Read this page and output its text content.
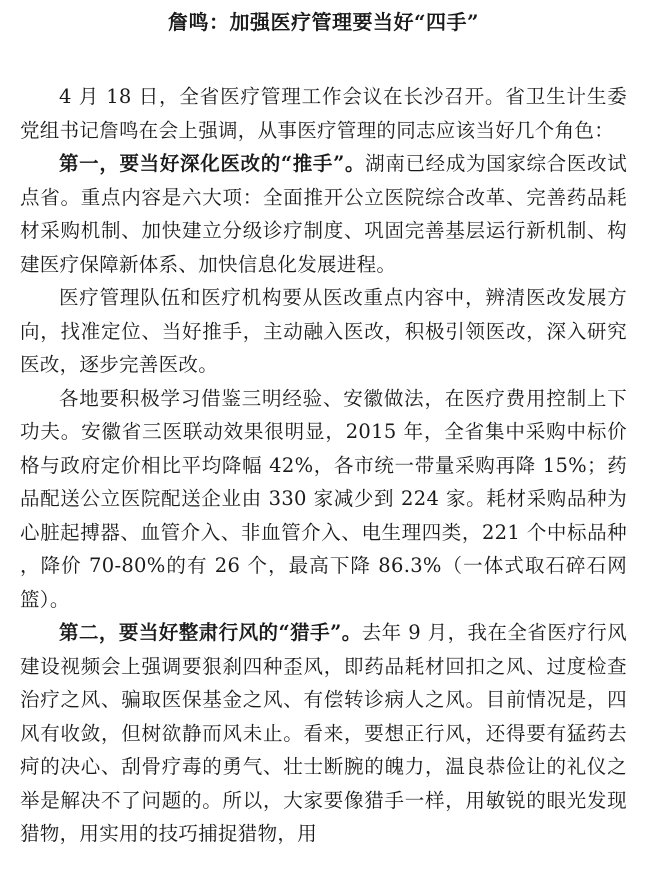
詹鸣：加强医疗管理要当好“四手”

4 月 18 日，全省医疗管理工作会议在长沙召开。省卫生计生委党组书记詹鸣在会上强调，从事医疗管理的同志应该当好几个角色：

第一，要当好深化医改的“推手”。湖南已经成为国家综合医改试点省。重点内容是六大项：全面推开公立医院综合改革、完善药品耗材采购机制、加快建立分级诊疗制度、巩固完善基层运行新机制、构建医疗保障新体系、加快信息化发展进程。

医疗管理队伍和医疗机构要从医改重点内容中，辨清医改发展方向，找准定位、当好推手，主动融入医改，积极引领医改，深入研究医改，逐步完善医改。

各地要积极学习借鉴三明经验、安徽做法，在医疗费用控制上下功夫。安徽省三医联动效果很明显，2015 年，全省集中采购中标价格与政府定价相比平均降幅 42%，各市统一带量采购再降 15%；药品配送公立医院配送企业由 330 家减少到 224 家。耗材采购品种为心脏起搏器、血管介入、非血管介入、电生理四类，221 个中标品种 ，降价 70-80%的有 26 个，最高下降 86.3%（一体式取石碎石网篮）。

第二，要当好整肃行风的“猎手”。去年 9 月，我在全省医疗行风建设视频会上强调要狠刹四种歪风，即药品耗材回扣之风、过度检查治疗之风、骗取医保基金之风、有偿转诊病人之风。目前情况是，四风有收敛，但树欲静而风未止。看来，要想正行风，还得要有猛药去疴的决心、刮骨疗毒的勇气、壮士断腕的魄力，温良恭俭让的礼仪之举是解决不了问题的。所以，大家要像猎手一样，用敏锐的眼光发现猎物，用实用的技巧捕捉猎物，用
